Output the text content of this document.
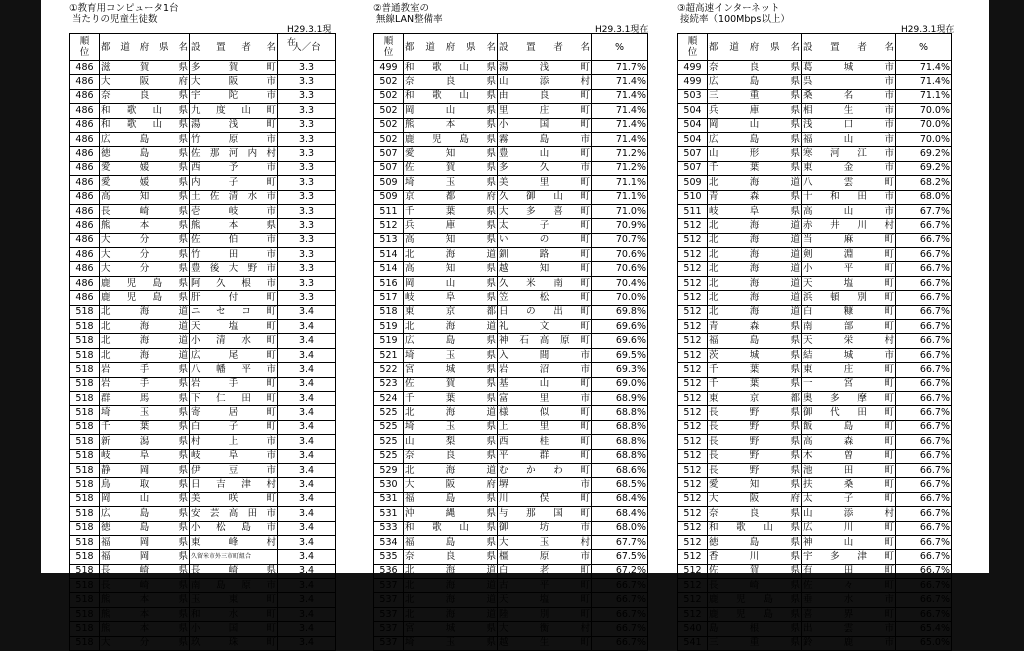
①教育用コンピュータ1台
当たりの児童生徒数
H29.3.1現在
順
位	都道府県名	設置者名	人／台
486	滋賀県	多賀町	3.3
486	大阪府	大阪市	3.3
486	奈良県	宇陀市	3.3
486	和歌山県	九度山町	3.3
486	和歌山県	湯浅町	3.3
486	広島県	竹原市	3.3
486	徳島県	佐那河内村	3.3
486	愛媛県	西予市	3.3
486	愛媛県	内子町	3.3
486	高知県	土佐清水市	3.3
486	長崎県	壱岐市	3.3
486	熊本県	熊本県	3.3
486	大分県	佐伯市	3.3
486	大分県	竹田市	3.3
486	大分県	豊後大野市	3.3
486	鹿児島県	阿久根市	3.3
486	鹿児島県	肝付町	3.3
518	北海道	ニセコ町	3.4
518	北海道	天塩町	3.4
518	北海道	小清水町	3.4
518	北海道	広尾町	3.4
518	岩手県	八幡平市	3.4
518	岩手県	岩手町	3.4
518	群馬県	下仁田町	3.4
518	埼玉県	寄居町	3.4
518	千葉県	白子町	3.4
518	新潟県	村上市	3.4
518	岐阜県	岐阜市	3.4
518	静岡県	伊豆市	3.4
518	鳥取県	日吉津村	3.4
518	岡山県	美咲町	3.4
518	広島県	安芸高田市	3.4
518	徳島県	小松島市	3.4
518	福岡県	東峰村	3.4
518	福岡県	久留米市外三市町組合	3.4
518	長崎県	長崎県	3.4
518	長崎県	南島原市	3.4
518	熊本県	玉東町	3.4
518	熊本県	和水町	3.4
518	熊本県	小国町	3.4
518	大分県	玖珠町	3.4
②普通教室の
無線LAN整備率
H29.3.1現在
順
位	都道府県名	設置者名	%
499	和歌山県	湯浅町	71.7%
502	奈良県	山添村	71.4%
502	和歌山県	由良町	71.4%
502	岡山県	里庄町	71.4%
502	熊本県	小国町	71.4%
502	鹿児島県	霧島市	71.4%
507	愛知県	豊山町	71.2%
507	佐賀県	多久市	71.2%
509	埼玉県	美里町	71.1%
509	京都府	久御山町	71.1%
511	千葉県	大多喜町	71.0%
512	兵庫県	太子町	70.9%
513	高知県	いの町	70.7%
514	北海道	釧路町	70.6%
514	高知県	越知町	70.6%
516	岡山県	久米南町	70.4%
517	岐阜県	笠松町	70.0%
518	東京都	日の出町	69.8%
519	北海道	礼文町	69.6%
519	広島県	神石高原町	69.6%
521	埼玉県	入間市	69.5%
522	宮城県	岩沼市	69.3%
523	佐賀県	基山町	69.0%
524	千葉県	富里市	68.9%
525	北海道	様似町	68.8%
525	埼玉県	上里町	68.8%
525	山梨県	西桂町	68.8%
525	奈良県	平群町	68.8%
529	北海道	むかわ町	68.6%
530	大阪府	堺市	68.5%
531	福島県	川俣町	68.4%
531	沖縄県	与那国町	68.4%
533	和歌山県	御坊市	68.0%
534	福島県	大玉村	67.7%
535	奈良県	橿原市	67.5%
536	北海道	白老町	67.2%
537	北海道	古平町	66.7%
537	北海道	天塩町	66.7%
537	北海道	陸別町	66.7%
537	宮城県	大衡村	66.7%
537	埼玉県	越生町	66.7%
③超高速インターネット
接続率（100Mbps以上）
H29.3.1現在
順
位	都道府県名	設置者名	%
499	奈良県	葛城市	71.4%
499	広島県	呉市	71.4%
503	三重県	桑名市	71.1%
504	兵庫県	相生市	70.0%
504	岡山県	浅口市	70.0%
504	広島県	福山市	70.0%
507	山形県	寒河江市	69.2%
507	千葉県	東金市	69.2%
509	北海道	八雲町	68.2%
510	青森県	十和田市	68.0%
511	岐阜県	高山市	67.7%
512	北海道	赤井川村	66.7%
512	北海道	当麻町	66.7%
512	北海道	剣淵町	66.7%
512	北海道	小平町	66.7%
512	北海道	天塩町	66.7%
512	北海道	浜頓別町	66.7%
512	北海道	白糠町	66.7%
512	青森県	南部町	66.7%
512	福島県	天栄村	66.7%
512	茨城県	結城市	66.7%
512	千葉県	東庄町	66.7%
512	千葉県	一宮町	66.7%
512	東京都	奥多摩町	66.7%
512	長野県	御代田町	66.7%
512	長野県	飯島町	66.7%
512	長野県	高森町	66.7%
512	長野県	木曽町	66.7%
512	長野県	池田町	66.7%
512	愛知県	扶桑町	66.7%
512	大阪府	太子町	66.7%
512	奈良県	山添村	66.7%
512	和歌山県	広川町	66.7%
512	徳島県	神山町	66.7%
512	香川県	宇多津町	66.7%
512	佐賀県	有田町	66.7%
512	長崎県	佐々町	66.7%
512	鹿児島県	垂水市	66.7%
512	鹿児島県	喜界町	66.7%
540	島根県	出雲市	65.4%
541	三重県	鈴鹿市	65.0%
